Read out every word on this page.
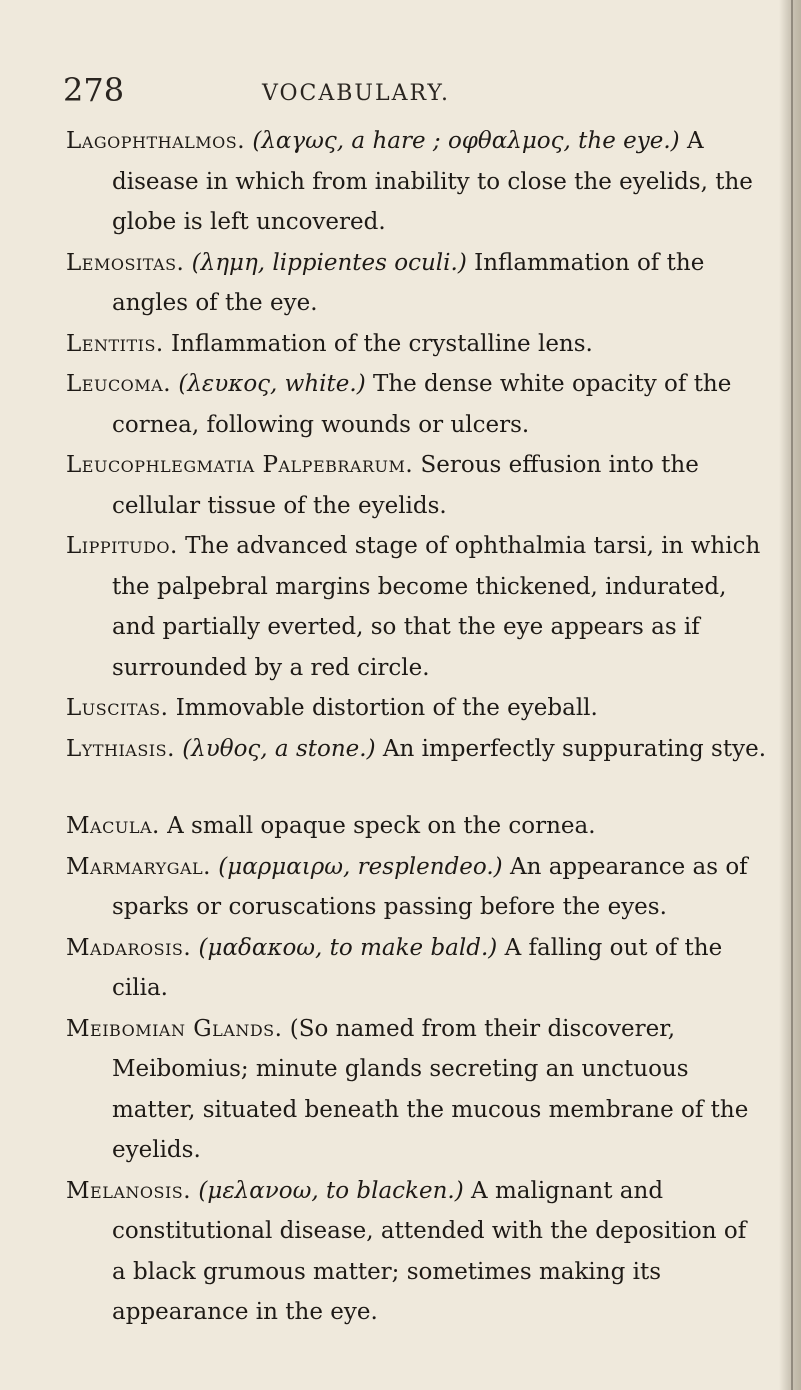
278	VOCABULARY.

Lagophthalmos. (λαγως, a hare ; οφθαλμος, the eye.) A disease in which from inability to close the eyelids, the globe is left uncovered.

Lemositas. (λημη, lippientes oculi.) Inflammation of the angles of the eye.

Lentitis. Inflammation of the crystalline lens.

Leucoma. (λευκος, white.) The dense white opacity of the cornea, following wounds or ulcers.

Leucophlegmatia Palpebrarum. Serous effusion into the cellular tissue of the eyelids.

Lippitudo. The advanced stage of ophthalmia tarsi, in which the palpebral margins become thickened, indurated, and partially everted, so that the eye appears as if surrounded by a red circle.

Luscitas. Immovable distortion of the eyeball.

Lythiasis. (λυθος, a stone.) An imperfectly suppurating stye.

Macula. A small opaque speck on the cornea.

Marmarygal. (μαρμαιρω, resplendeo.) An appearance as of sparks or coruscations passing before the eyes.

Madarosis. (μαδακοω, to make bald.) A falling out of the cilia.

Meibomian Glands. (So named from their discoverer, Meibomius; minute glands secreting an unctuous matter, situated beneath the mucous membrane of the eyelids.

Melanosis. (μελανοω, to blacken.) A malignant and constitutional disease, attended with the deposition of a black grumous matter; sometimes making its appearance in the eye.
